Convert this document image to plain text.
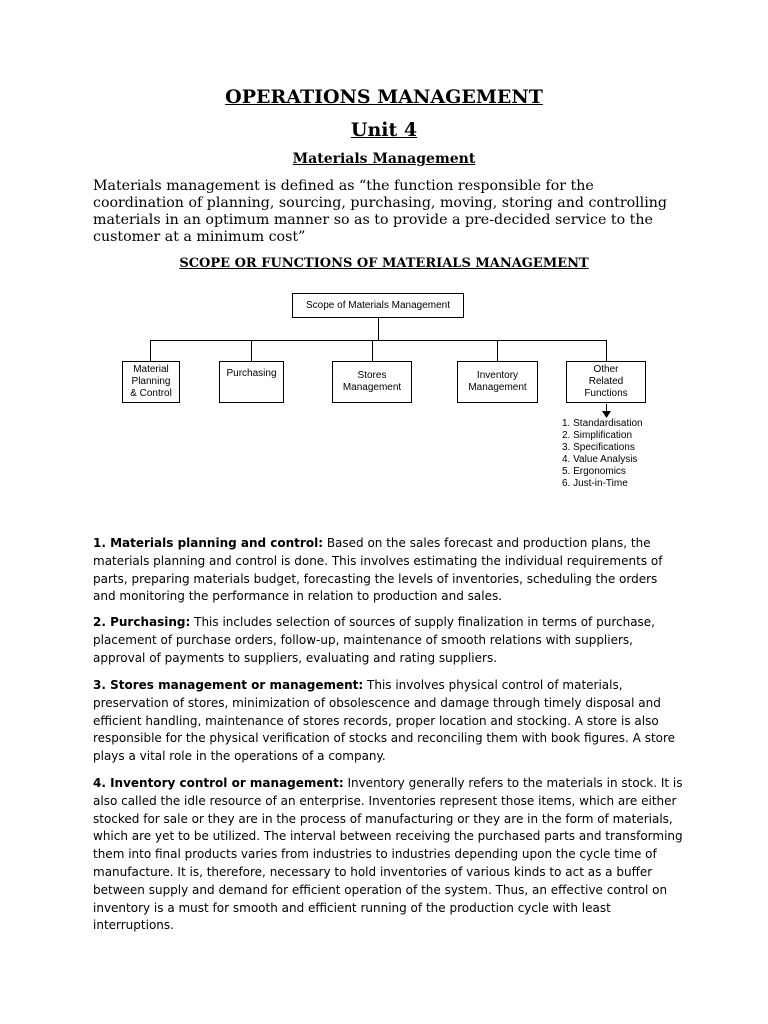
OPERATIONS MANAGEMENT
Unit 4
Materials Management

Materials management is defined as “the function responsible for the coordination of planning, sourcing, purchasing, moving, storing and controlling materials in an optimum manner so as to provide a pre-decided service to the customer at a minimum cost”

SCOPE OR FUNCTIONS OF MATERIALS MANAGEMENT
Scope of Materials Management
Material Planning & Control
Purchasing	Stores Management
Inventory Management
Other Related Functions
1. Standardisation
2. Simplification
3. Specifications
4. Value Analysis
5. Ergonomics
6. Just-in-Time

1. Materials planning and control: Based on the sales forecast and production plans, the materials planning and control is done. This involves estimating the individual requirements of parts, preparing materials budget, forecasting the levels of inventories, scheduling the orders and monitoring the performance in relation to production and sales.

2. Purchasing: This includes selection of sources of supply finalization in terms of purchase, placement of purchase orders, follow-up, maintenance of smooth relations with suppliers, approval of payments to suppliers, evaluating and rating suppliers.

3. Stores management or management: This involves physical control of materials, preservation of stores, minimization of obsolescence and damage through timely disposal and efficient handling, maintenance of stores records, proper location and stocking. A store is also responsible for the physical verification of stocks and reconciling them with book figures. A store plays a vital role in the operations of a company.

4. Inventory control or management: Inventory generally refers to the materials in stock. It is also called the idle resource of an enterprise. Inventories represent those items, which are either stocked for sale or they are in the process of manufacturing or they are in the form of materials, which are yet to be utilized. The interval between receiving the purchased parts and transforming them into final products varies from industries to industries depending upon the cycle time of manufacture. It is, therefore, necessary to hold inventories of various kinds to act as a buffer between supply and demand for efficient operation of the system. Thus, an effective control on inventory is a must for smooth and efficient running of the production cycle with least interruptions.
